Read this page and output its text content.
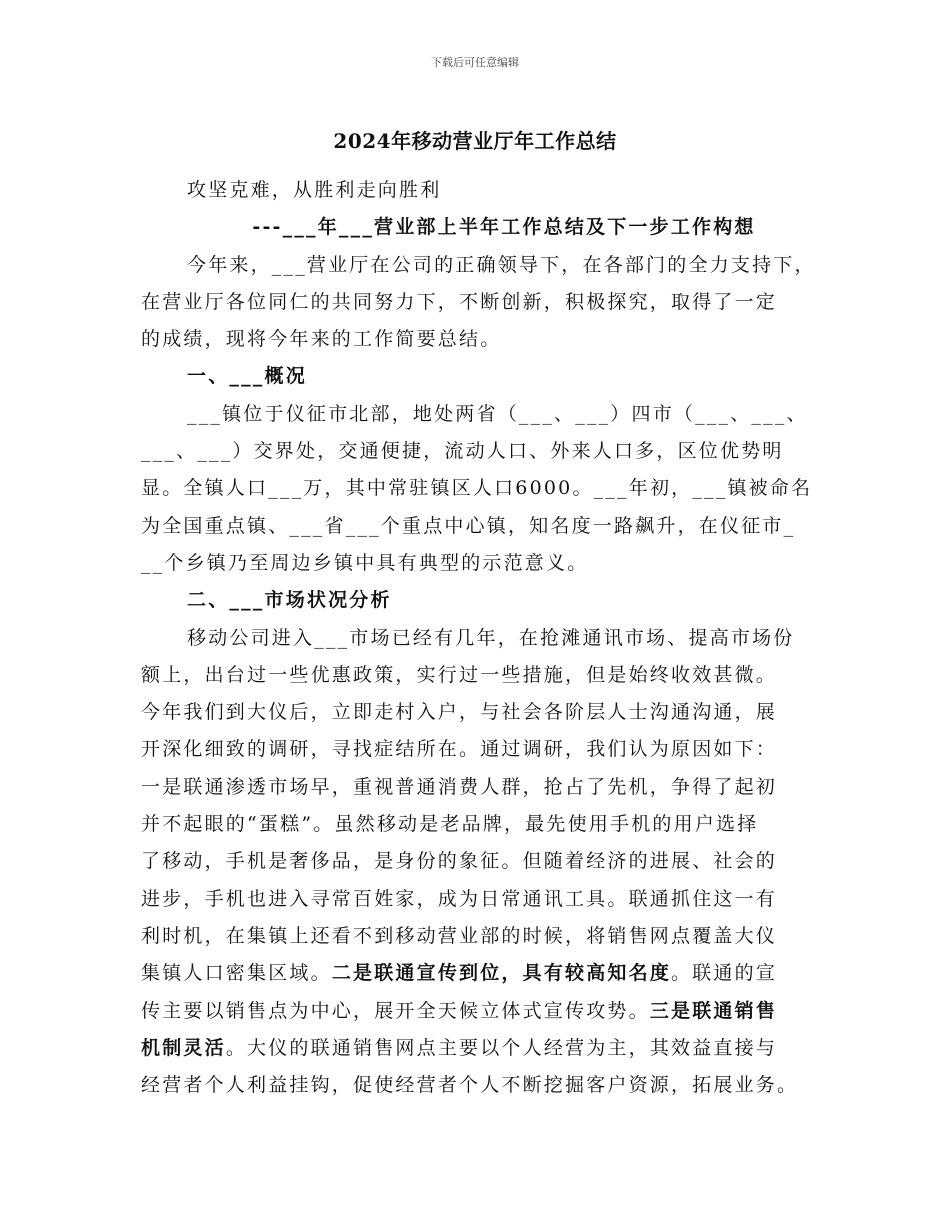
下载后可任意编辑
2024年移动营业厅年工作总结
攻坚克难，从胜利走向胜利
---___年___营业部上半年工作总结及下一步工作构想
今年来，___营业厅在公司的正确领导下，在各部门的全力支持下，
在营业厅各位同仁的共同努力下，不断创新，积极探究，取得了一定
的成绩，现将今年来的工作简要总结。
一、___概况
___镇位于仪征市北部，地处两省（___、___）四市（___、___、
___、___）交界处，交通便捷，流动人口、外来人口多，区位优势明
显。全镇人口___万，其中常驻镇区人口6000。___年初，___镇被命名
为全国重点镇、___省___个重点中心镇，知名度一路飙升，在仪征市_
__个乡镇乃至周边乡镇中具有典型的示范意义。
二、___市场状况分析
移动公司进入___市场已经有几年，在抢滩通讯市场、提高市场份
额上，出台过一些优惠政策，实行过一些措施，但是始终收效甚微。
今年我们到大仪后，立即走村入户，与社会各阶层人士沟通沟通，展
开深化细致的调研，寻找症结所在。通过调研，我们认为原因如下：
一是联通渗透市场早，重视普通消费人群，抢占了先机，争得了起初
并不起眼的“蛋糕”。虽然移动是老品牌，最先使用手机的用户选择
了移动，手机是奢侈品，是身份的象征。但随着经济的进展、社会的
进步，手机也进入寻常百姓家，成为日常通讯工具。联通抓住这一有
利时机，在集镇上还看不到移动营业部的时候，将销售网点覆盖大仪
集镇人口密集区域。二是联通宣传到位，具有较高知名度。联通的宣
传主要以销售点为中心，展开全天候立体式宣传攻势。三是联通销售
机制灵活。大仪的联通销售网点主要以个人经营为主，其效益直接与
经营者个人利益挂钩，促使经营者个人不断挖掘客户资源，拓展业务。
